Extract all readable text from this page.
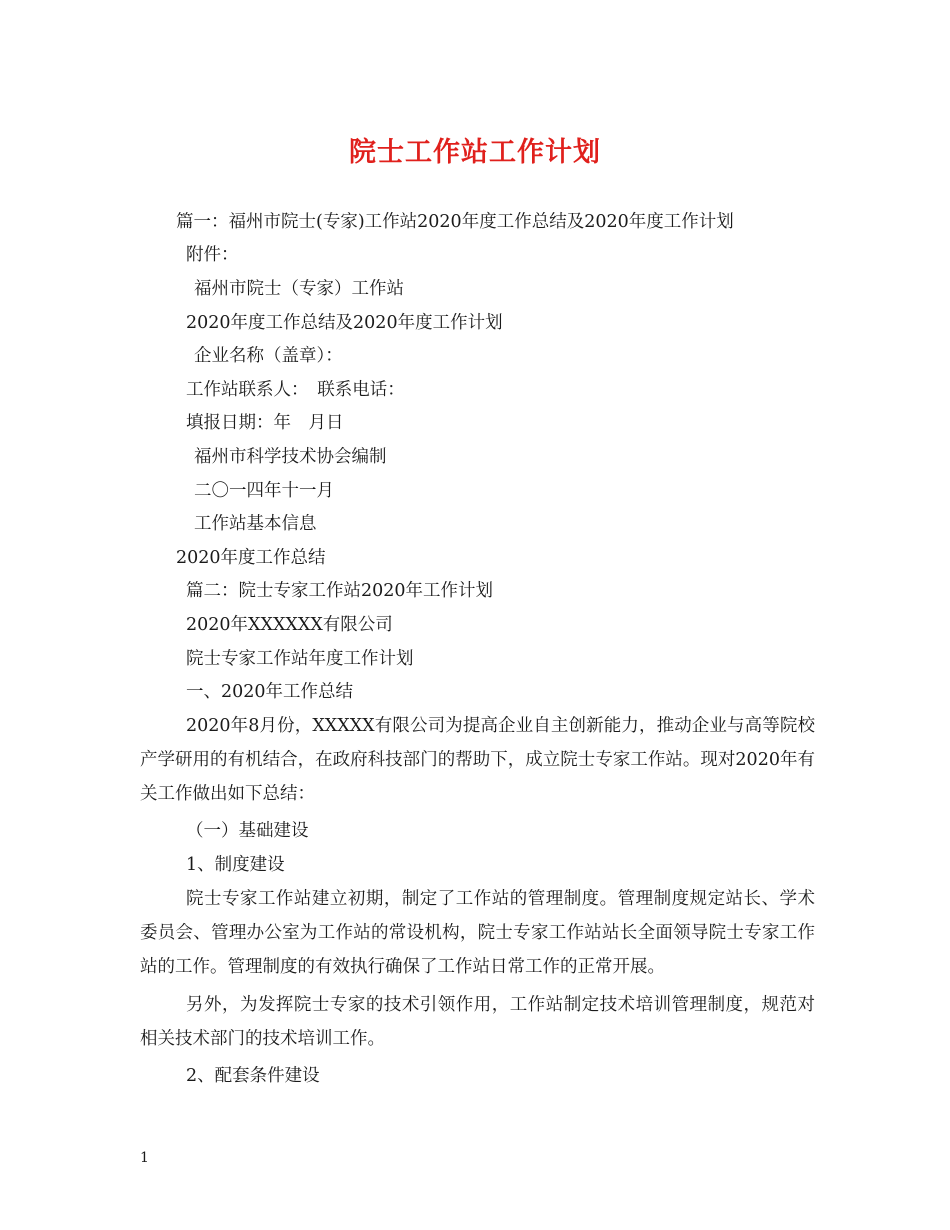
院士工作站工作计划
篇一：福州市院士(专家)工作站2020年度工作总结及2020年度工作计划
附件：
福州市院士（专家）工作站
2020年度工作总结及2020年度工作计划
企业名称（盖章）：
工作站联系人：　联系电话：
填报日期：年　月日
福州市科学技术协会编制
二〇一四年十一月
工作站基本信息
2020年度工作总结
篇二：院士专家工作站2020年工作计划
2020年XXXXXX有限公司
院士专家工作站年度工作计划
一、2020年工作总结
2020年8月份，XXXXX有限公司为提高企业自主创新能力，推动企业与高等院校产学研用的有机结合，在政府科技部门的帮助下，成立院士专家工作站。现对2020年有关工作做出如下总结：
（一）基础建设
1、制度建设
院士专家工作站建立初期，制定了工作站的管理制度。管理制度规定站长、学术委员会、管理办公室为工作站的常设机构，院士专家工作站站长全面领导院士专家工作站的工作。管理制度的有效执行确保了工作站日常工作的正常开展。
另外，为发挥院士专家的技术引领作用，工作站制定技术培训管理制度，规范对相关技术部门的技术培训工作。
2、配套条件建设
1
